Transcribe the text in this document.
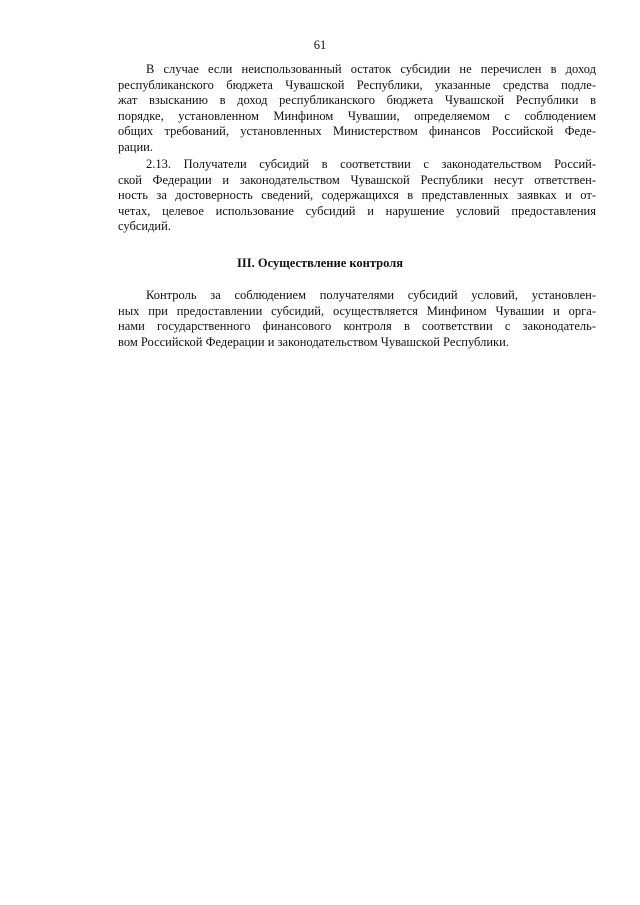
61
В случае если неиспользованный остаток субсидии не перечислен в доход
республиканского бюджета Чувашской Республики, указанные средства подле-
жат взысканию в доход республиканского бюджета Чувашской Республики в
порядке, установленном Минфином Чувашии, определяемом с соблюдением
общих требований, установленных Министерством финансов Российской Феде-
рации.
2.13. Получатели субсидий в соответствии с законодательством Россий-
ской Федерации и законодательством Чувашской Республики несут ответствен-
ность за достоверность сведений, содержащихся в представленных заявках и от-
четах, целевое использование субсидий и нарушение условий предоставления
субсидий.
III. Осуществление контроля
Контроль за соблюдением получателями субсидий условий, установлен-
ных при предоставлении субсидий, осуществляется Минфином Чувашии и орга-
нами государственного финансового контроля в соответствии с законодатель-
вом Российской Федерации и законодательством Чувашской Республики.
